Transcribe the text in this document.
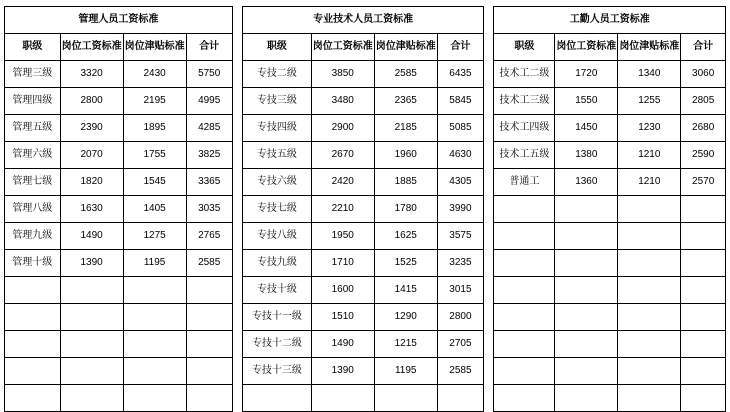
管理人员工资标准			
职级	岗位工资标准	岗位津贴标准	合计
管理三级	3320	2430	5750
管理四级	2800	2195	4995
管理五级	2390	1895	4285
管理六级	2070	1755	3825
管理七级	1820	1545	3365
管理八级	1630	1405	3035
管理九级	1490	1275	2765
管理十级	1390	1195	2585

专业技术人员工资标准			
职级	岗位工资标准	岗位津贴标准	合计
专技二级	3850	2585	6435
专技三级	3480	2365	5845
专技四级	2900	2185	5085
专技五级	2670	1960	4630
专技六级	2420	1885	4305
专技七级	2210	1780	3990
专技八级	1950	1625	3575
专技九级	1710	1525	3235
专技十级	1600	1415	3015
专技十一级	1510	1290	2800
专技十二级	1490	1215	2705
专技十三级	1390	1195	2585

工勤人员工资标准			
职级	岗位工资标准	岗位津贴标准	合计
技术工二级	1720	1340	3060
技术工三级	1550	1255	2805
技术工四级	1450	1230	2680
技术工五级	1380	1210	2590
普通工	1360	1210	2570
